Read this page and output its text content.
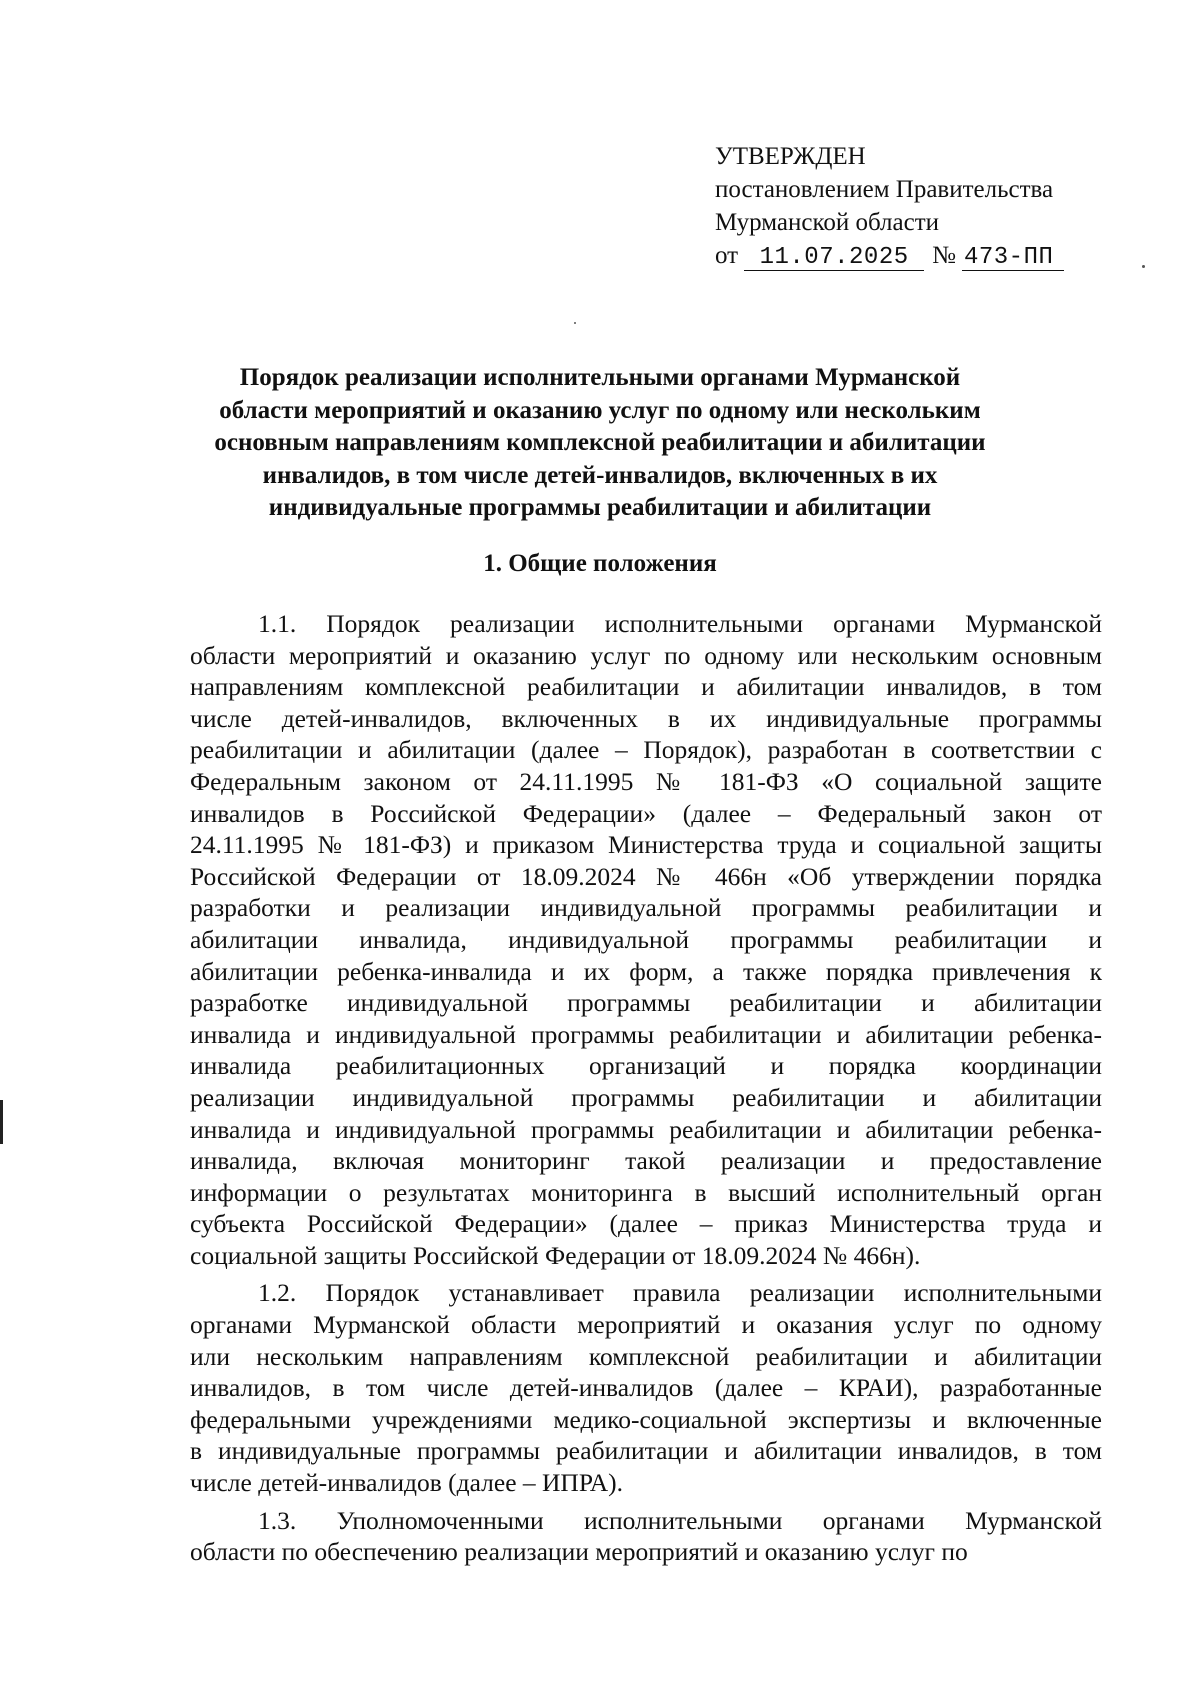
УТВЕРЖДЕН
постановлением Правительства
Мурманской области
от 11.07.2025 № 473-ПП
Порядок реализации исполнительными органами Мурманской
области мероприятий и оказанию услуг по одному или нескольким
основным направлениям комплексной реабилитации и абилитации
инвалидов, в том числе детей-инвалидов, включенных в их
индивидуальные программы реабилитации и абилитации
1. Общие положения
1.1. Порядок реализации исполнительными органами Мурманской
области мероприятий и оказанию услуг по одному или нескольким основным
направлениям комплексной реабилитации и абилитации инвалидов, в том
числе детей-инвалидов, включенных в их индивидуальные программы
реабилитации и абилитации (далее – Порядок), разработан в соответствии с
Федеральным законом от 24.11.1995 № 181-ФЗ «О социальной защите
инвалидов в Российской Федерации» (далее – Федеральный закон от
24.11.1995 № 181-ФЗ) и приказом Министерства труда и социальной защиты
Российской Федерации от 18.09.2024 № 466н «Об утверждении порядка
разработки и реализации индивидуальной программы реабилитации и
абилитации инвалида, индивидуальной программы реабилитации и
абилитации ребенка-инвалида и их форм, а также порядка привлечения к
разработке индивидуальной программы реабилитации и абилитации
инвалида и индивидуальной программы реабилитации и абилитации ребенка-
инвалида реабилитационных организаций и порядка координации
реализации индивидуальной программы реабилитации и абилитации
инвалида и индивидуальной программы реабилитации и абилитации ребенка-
инвалида, включая мониторинг такой реализации и предоставление
информации о результатах мониторинга в высший исполнительный орган
субъекта Российской Федерации» (далее – приказ Министерства труда и
социальной защиты Российской Федерации от 18.09.2024 № 466н).
1.2. Порядок устанавливает правила реализации исполнительными
органами Мурманской области мероприятий и оказания услуг по одному
или нескольким направлениям комплексной реабилитации и абилитации
инвалидов, в том числе детей-инвалидов (далее – КРАИ), разработанные
федеральными учреждениями медико-социальной экспертизы и включенные
в индивидуальные программы реабилитации и абилитации инвалидов, в том
числе детей-инвалидов (далее – ИПРА).
1.3. Уполномоченными исполнительными органами Мурманской
области по обеспечению реализации мероприятий и оказанию услуг по
